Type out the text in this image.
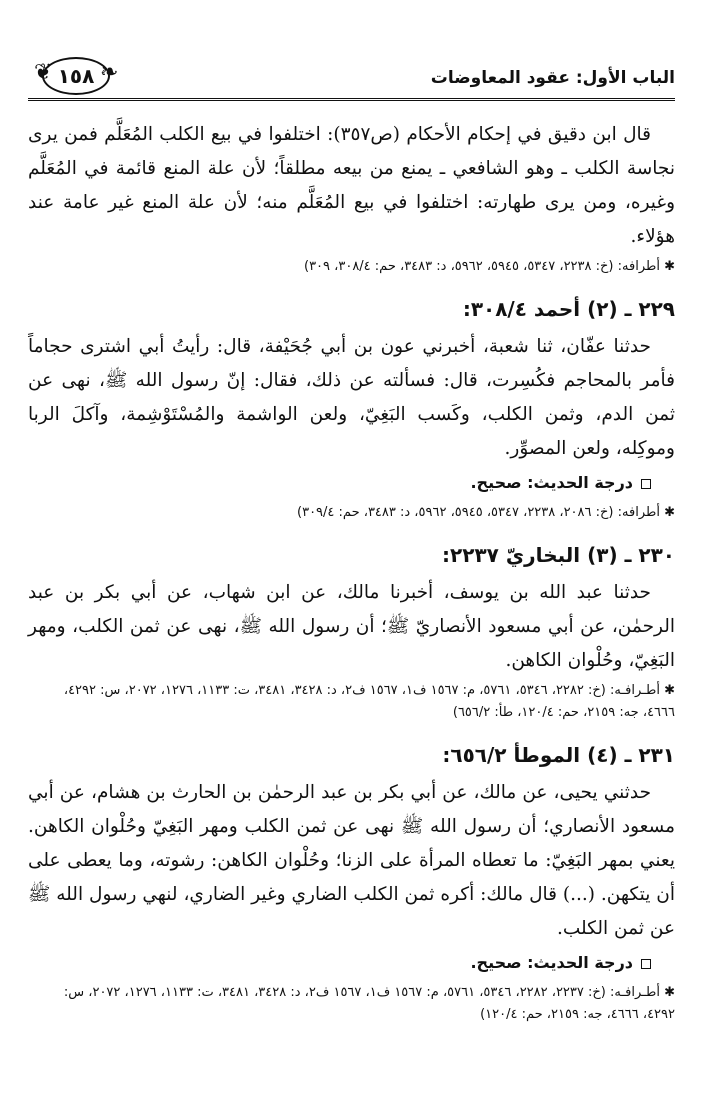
الباب الأول: عقود المعاوضات
❦ ١٥٨ ❧

قال ابن دقيق في إحكام الأحكام (ص٣٥٧): اختلفوا في بيع الكلب المُعَلَّم فمن يرى نجاسة الكلب ـ وهو الشافعي ـ يمنع من بيعه مطلقاً؛ لأن علة المنع قائمة في المُعَلَّم وغيره، ومن يرى طهارته: اختلفوا في بيع المُعَلَّم منه؛ لأن علة المنع غير عامة عند هؤلاء.

✱ أطرافه: (خ: ٢٢٣٨، ٥٣٤٧، ٥٩٤٥، ٥٩٦٢، د: ٣٤٨٣، حم: ٣٠٨/٤، ٣٠٩)

٢٢٩ ـ (٢) أحمد ٣٠٨/٤:

حدثنا عفّان، ثنا شعبة، أخبرني عون بن أبي جُحَيْفة، قال: رأيتُ أبي اشترى حجاماً فأمر بالمحاجم فكُسِرت، قال: فسألته عن ذلك، فقال: إنّ رسول الله ﷺ، نهى عن ثمن الدم، وثمن الكلب، وكَسب البَغِيّ، ولعن الواشمة والمُسْتَوْشِمة، وآكلَ الربا وموكِله، ولعن المصوِّر.

درجة الحديث: صحيح.

✱ أطرافه: (خ: ٢٠٨٦، ٢٢٣٨، ٥٣٤٧، ٥٩٤٥، ٥٩٦٢، د: ٣٤٨٣، حم: ٣٠٩/٤)

٢٣٠ ـ (٣) البخاريّ ٢٢٣٧:

حدثنا عبد الله بن يوسف، أخبرنا مالك، عن ابن شهاب، عن أبي بكر بن عبد الرحمٰن، عن أبي مسعود الأنصاريّ ﷺ؛ أن رسول الله ﷺ، نهى عن ثمن الكلب، ومهر البَغِيّ، وحُلْوان الكاهن.

✱ أطـرافـه: (خ: ٢٢٨٢، ٥٣٤٦، ٥٧٦١، م: ١٥٦٧ ف١، ١٥٦٧ ف٢، د: ٣٤٢٨، ٣٤٨١، ت: ١١٣٣، ١٢٧٦، ٢٠٧٢، س: ٤٢٩٢، ٤٦٦٦، جه: ٢١٥٩، حم: ١٢٠/٤، طأ: ٦٥٦/٢)

٢٣١ ـ (٤) الموطأ ٦٥٦/٢:

حدثني يحيى، عن مالك، عن أبي بكر بن عبد الرحمٰن بن الحارث بن هشام، عن أبي مسعود الأنصاري؛ أن رسول الله ﷺ نهى عن ثمن الكلب ومهر البَغِيّ وحُلْوان الكاهن. يعني بمهر البَغِيّ: ما تعطاه المرأة على الزنا؛ وحُلْوان الكاهن: رشوته، وما يعطى على أن يتكهن. (...) قال مالك: أكره ثمن الكلب الضاري وغير الضاري، لنهي رسول الله ﷺ عن ثمن الكلب.

درجة الحديث: صحيح.

✱ أطـرافـه: (خ: ٢٢٣٧، ٢٢٨٢، ٥٣٤٦، ٥٧٦١، م: ١٥٦٧ ف١، ١٥٦٧ ف٢، د: ٣٤٢٨، ٣٤٨١، ت: ١١٣٣، ١٢٧٦، ٢٠٧٢، س: ٤٢٩٢، ٤٦٦٦، جه: ٢١٥٩، حم: ١٢٠/٤)
